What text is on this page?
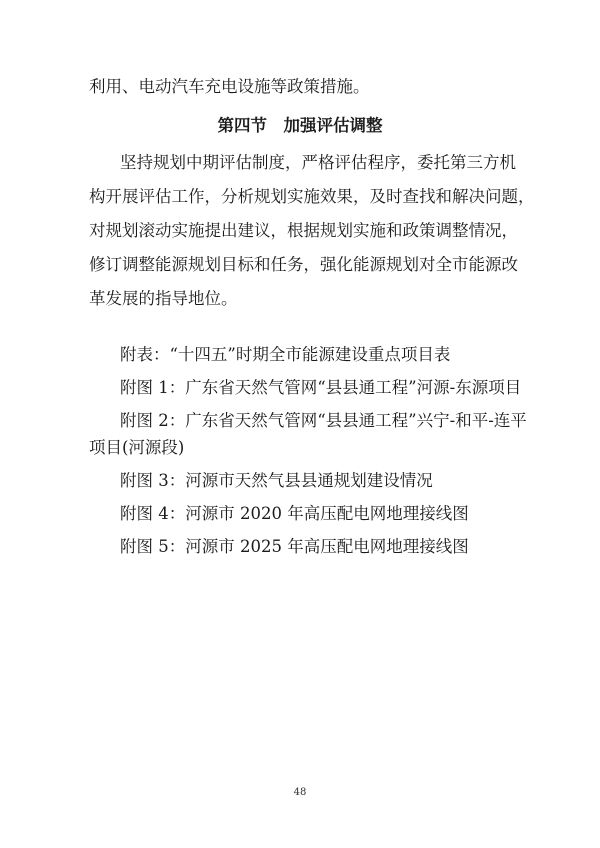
利用、电动汽车充电设施等政策措施。
第四节　加强评估调整
坚持规划中期评估制度，严格评估程序，委托第三方机
构开展评估工作，分析规划实施效果，及时查找和解决问题，
对规划滚动实施提出建议，根据规划实施和政策调整情况，
修订调整能源规划目标和任务，强化能源规划对全市能源改
革发展的指导地位。
附表：“十四五”时期全市能源建设重点项目表
附图 1：广东省天然气管网“县县通工程”河源-东源项目
附图 2：广东省天然气管网“县县通工程”兴宁-和平-连平
项目(河源段)
附图 3：河源市天然气县县通规划建设情况
附图 4：河源市 2020 年高压配电网地理接线图
附图 5：河源市 2025 年高压配电网地理接线图
48
